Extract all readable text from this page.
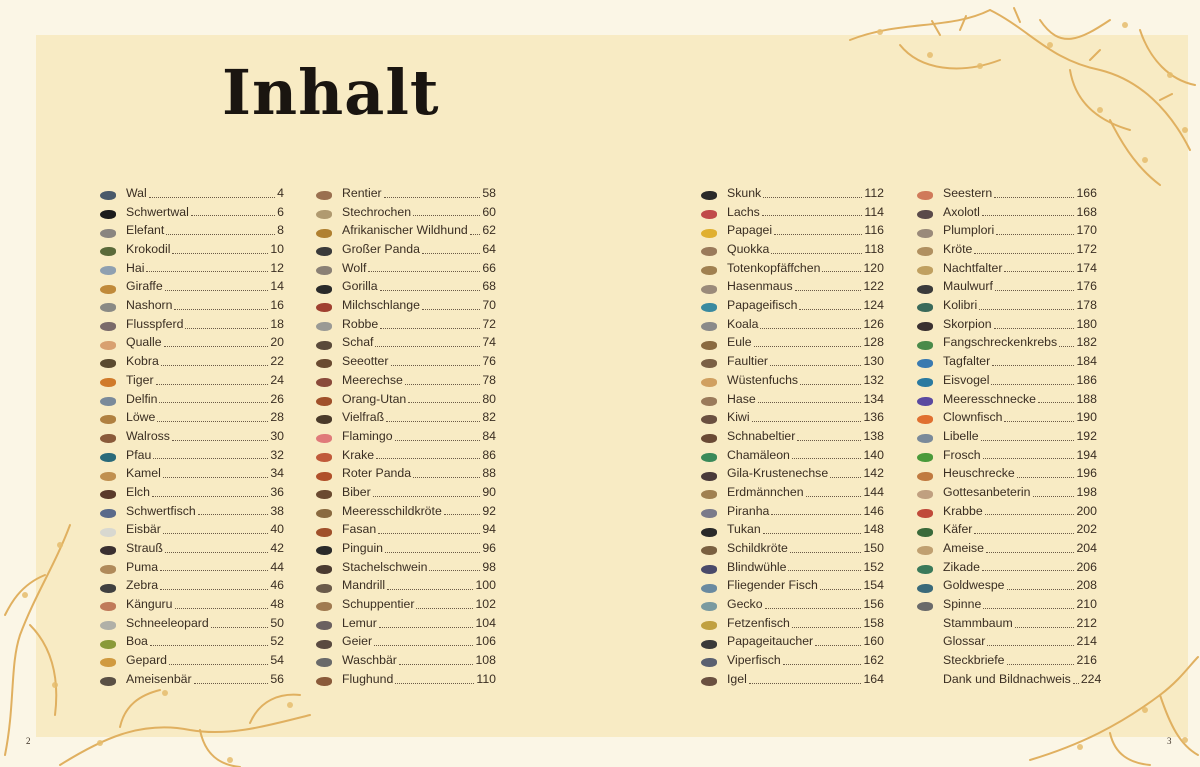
Inhalt
Wal	4
Schwertwal	6
Elefant	8
Krokodil	10
Hai	12
Giraffe	14
Nashorn	16
Flusspferd	18
Qualle	20
Kobra	22
Tiger	24
Delfin	26
Löwe	28
Walross	30
Pfau	32
Kamel	34
Elch	36
Schwertfisch	38
Eisbär	40
Strauß	42
Puma	44
Zebra	46
Känguru	48
Schneeleopard	50
Boa	52
Gepard	54
Ameisenbär	56
Rentier	58
Stechrochen	60
Afrikanischer Wildhund 62
Großer Panda	64
Wolf	66
Gorilla	68
Milchschlange	70
Robbe	72
Schaf	74
Seeotter	76
Meerechse	78
Orang-Utan	80
Vielfraß	82
Flamingo	84
Krake	86
Roter Panda	88
Biber	90
Meeresschildkröte	92
Fasan	94
Pinguin	96
Stachelschwein	98
Mandrill	100
Schuppentier	102
Lemur	104
Geier	106
Waschbär	108
Flughund	110
Skunk	112
Lachs	114
Papagei	116
Quokka	118
Totenkopfäffchen	120
Hasenmaus	122
Papageifisch	124
Koala	126
Eule	128
Faultier	130
Wüstenfuchs	132
Hase	134
Kiwi	136
Schnabeltier	138
Chamäleon	140
Gila-Krustenechse	142
Erdmännchen	144
Piranha	146
Tukan	148
Schildkröte	150
Blindwühle	152
Fliegender Fisch	154
Gecko	156
Fetzenfisch	158
Papageitaucher	160
Viperfisch	162
Igel	164
Seestern	166
Axolotl	168
Plumplori	170
Kröte	172
Nachtfalter	174
Maulwurf	176
Kolibri	178
Skorpion	180
Fangschreckenkrebs 182
Tagfalter	184
Eisvogel	186
Meeresschnecke	188
Clownfisch	190
Libelle	192
Frosch	194
Heuschrecke	196
Gottesanbeterin	198
Krabbe	200
Käfer	202
Ameise	204
Zikade	206
Goldwespe	208
Spinne	210
Stammbaum	212
Glossar	214
Steckbriefe	216
Dank und Bildnachweis 224
2	3
